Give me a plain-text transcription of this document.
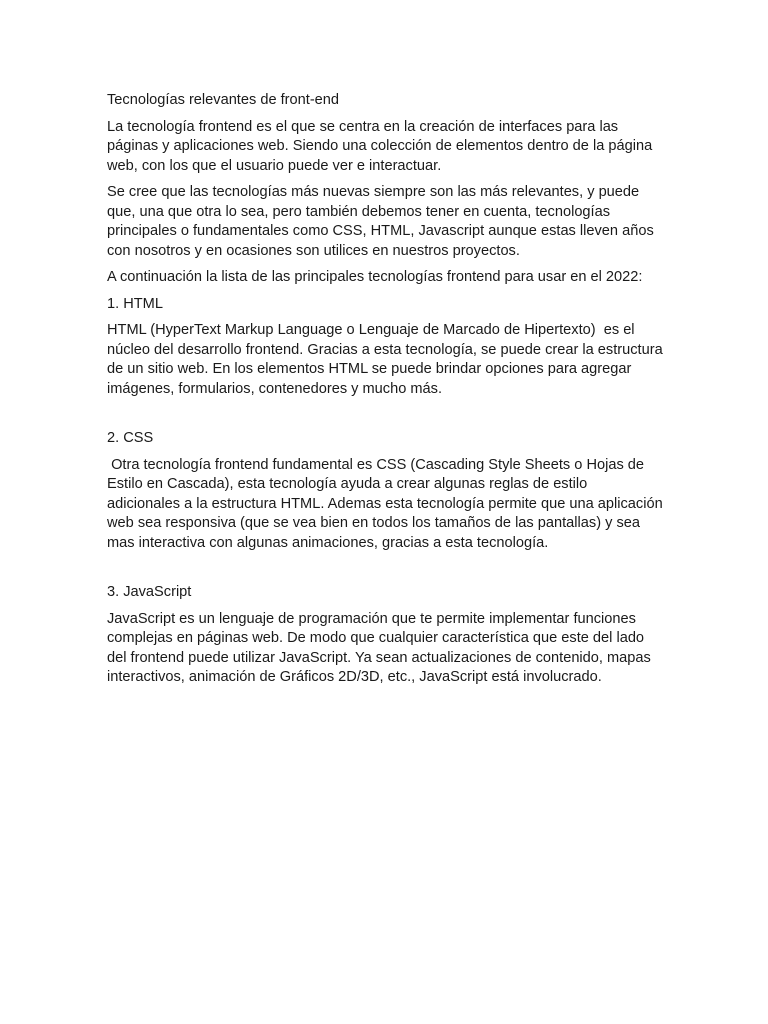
Tecnologías relevantes de front-end

La tecnología frontend es el que se centra en la creación de interfaces para las páginas y aplicaciones web. Siendo una colección de elementos dentro de la página web, con los que el usuario puede ver e interactuar.

Se cree que las tecnologías más nuevas siempre son las más relevantes, y puede que, una que otra lo sea, pero también debemos tener en cuenta, tecnologías principales o fundamentales como CSS, HTML, Javascript aunque estas lleven años con nosotros y en ocasiones son utilices en nuestros proyectos.

A continuación la lista de las principales tecnologías frontend para usar en el 2022:

1. HTML

HTML (HyperText Markup Language o Lenguaje de Marcado de Hipertexto)  es el núcleo del desarrollo frontend. Gracias a esta tecnología, se puede crear la estructura de un sitio web. En los elementos HTML se puede brindar opciones para agregar imágenes, formularios, contenedores y mucho más.

2. CSS

Otra tecnología frontend fundamental es CSS (Cascading Style Sheets o Hojas de Estilo en Cascada), esta tecnología ayuda a crear algunas reglas de estilo adicionales a la estructura HTML. Ademas esta tecnología permite que una aplicación web sea responsiva (que se vea bien en todos los tamaños de las pantallas) y sea mas interactiva con algunas animaciones, gracias a esta tecnología.

3. JavaScript

JavaScript es un lenguaje de programación que te permite implementar funciones complejas en páginas web. De modo que cualquier característica que este del lado del frontend puede utilizar JavaScript. Ya sean actualizaciones de contenido, mapas interactivos, animación de Gráficos 2D/3D, etc., JavaScript está involucrado.
